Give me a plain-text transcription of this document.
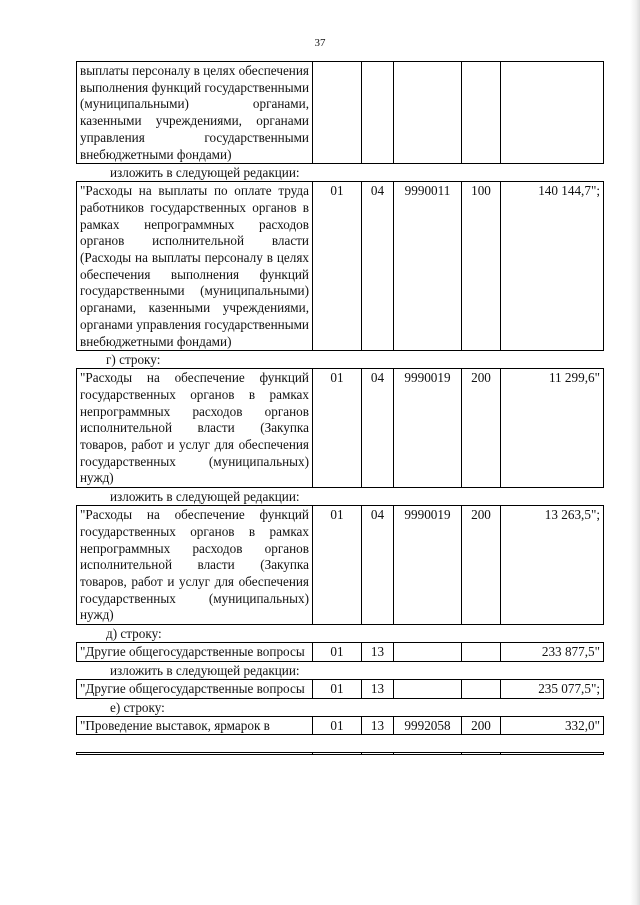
37
выплаты персоналу в целях обеспечения выполнения функций государственными (муниципальными) органами, казенными учреждениями, органами управления государственными внебюджетными фондами)					
изложить в следующей редакции:
"Расходы на выплаты по оплате труда работников государственных органов в рамках непрограммных расходов органов исполнительной власти (Расходы на выплаты персоналу в целях обеспечения выполнения функций государственными (муниципальными) органами, казенными учреждениями, органами управления государственными внебюджетными фондами)	01	04	9990011	100	140 144,7";
г) строку:
"Расходы на обеспечение функций государственных органов в рамках непрограммных расходов органов исполнительной власти (Закупка товаров, работ и услуг для обеспечения государственных (муниципальных) нужд)	01	04	9990019	200	11 299,6"
изложить в следующей редакции:
"Расходы на обеспечение функций государственных органов в рамках непрограммных расходов органов исполнительной власти (Закупка товаров, работ и услуг для обеспечения государственных (муниципальных) нужд)	01	04	9990019	200	13 263,5";
д) строку:
"Другие общегосударственные вопросы	01	13			233 877,5"
изложить в следующей редакции:
"Другие общегосударственные вопросы	01	13			235 077,5";
е) строку:
"Проведение выставок, ярмарок в	01	13	9992058	200	332,0"
